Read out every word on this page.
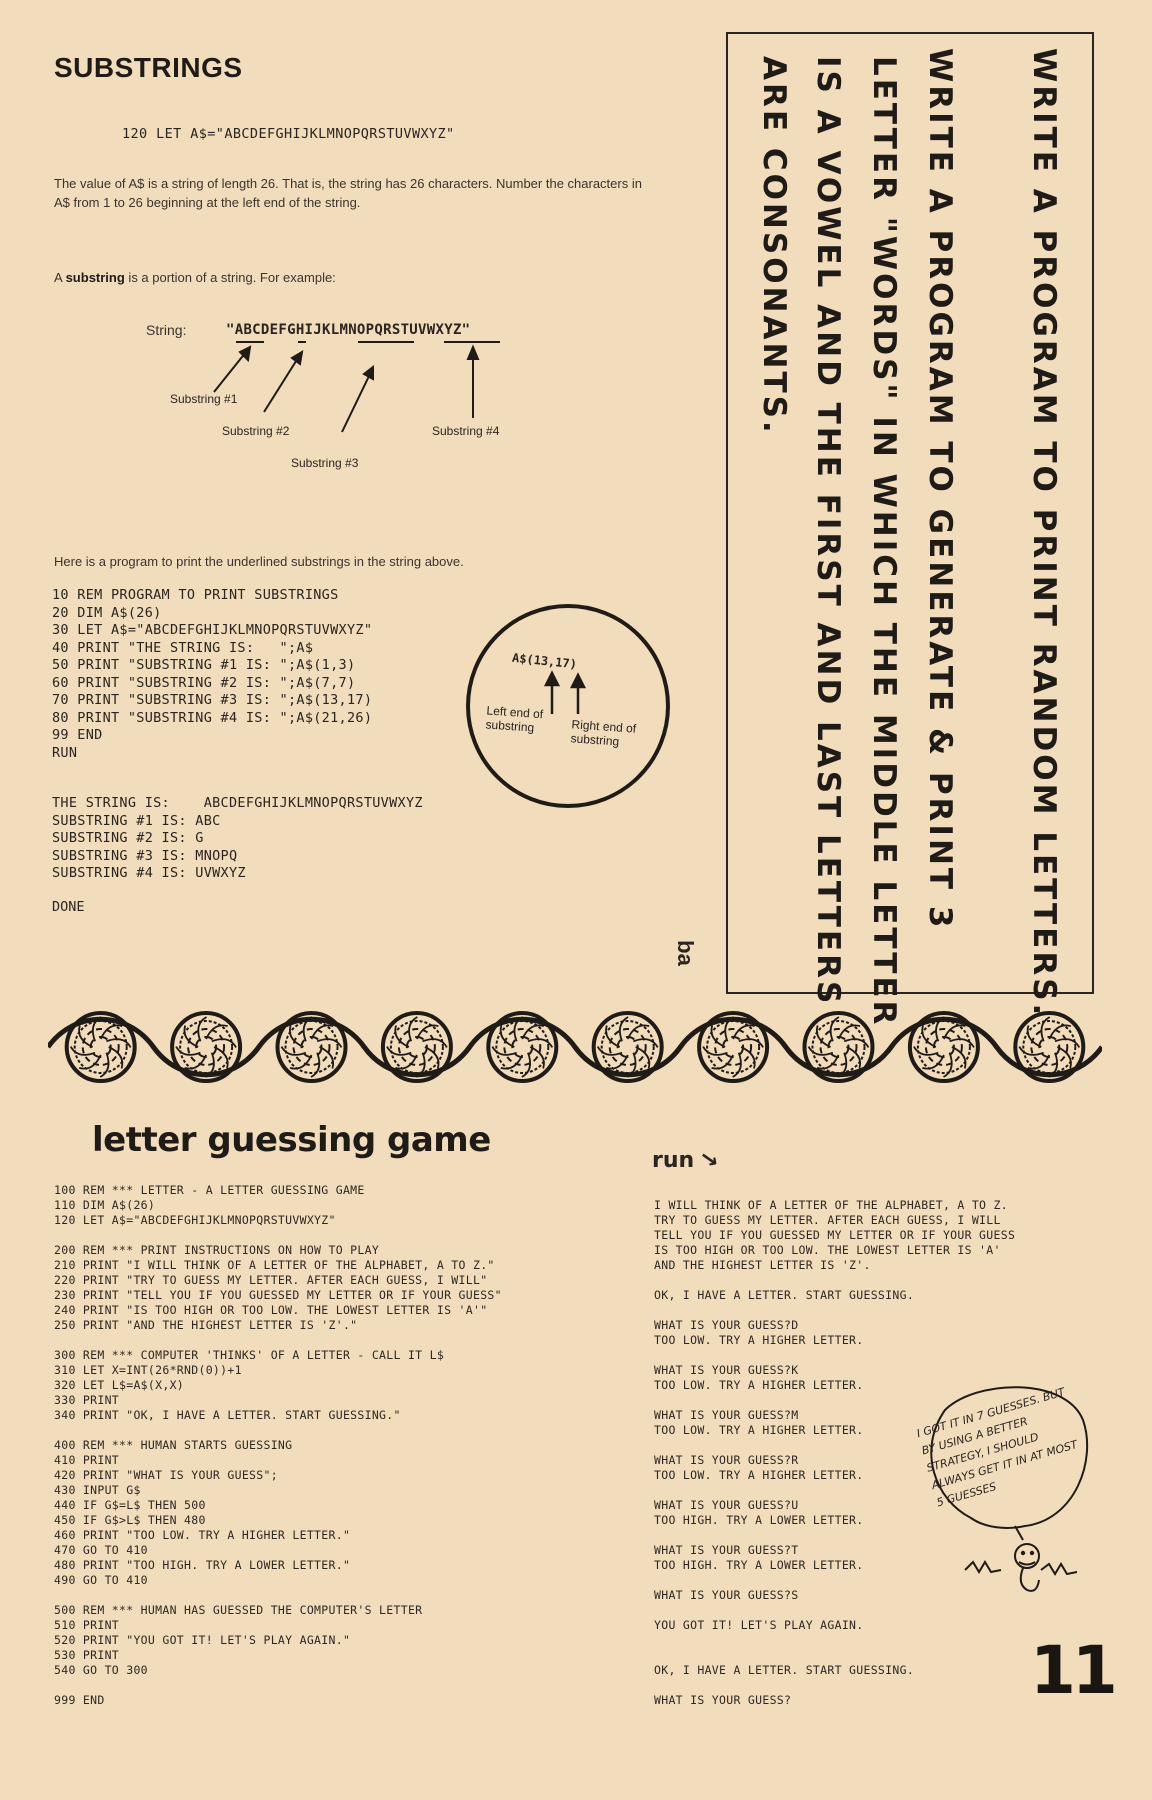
SUBSTRINGS
120 LET A$="ABCDEFGHIJKLMNOPQRSTUVWXYZ"
The value of A$ is a string of length 26. That is, the string has 26 characters. Number the characters in A$ from 1 to 26 beginning at the left end of the string.
A substring is a portion of a string. For example:
String:	"ABCDEFGHIJKLMNOPQRSTUVWXYZ"
Substring #1
Substring #2
Substring #3
Substring #4
Here is a program to print the underlined substrings in the string above.
10 REM PROGRAM TO PRINT SUBSTRINGS
20 DIM A$(26)
30 LET A$="ABCDEFGHIJKLMNOPQRSTUVWXYZ"
40 PRINT "THE STRING IS:   ";A$
50 PRINT "SUBSTRING #1 IS: ";A$(1,3)
60 PRINT "SUBSTRING #2 IS: ";A$(7,7)
70 PRINT "SUBSTRING #3 IS: ";A$(13,17)
80 PRINT "SUBSTRING #4 IS: ";A$(21,26)
99 END
RUN
THE STRING IS:    ABCDEFGHIJKLMNOPQRSTUVWXYZ
SUBSTRING #1 IS: ABC
SUBSTRING #2 IS: G
SUBSTRING #3 IS: MNOPQ
SUBSTRING #4 IS: UVWXYZ
DONE
A$(13,17)
Left end of substring	Right end of substring	WRITE A PROGRAM TO PRINT RANDOM LETTERS.
WRITE A PROGRAM TO GENERATE & PRINT 3
LETTER "WORDS" IN WHICH THE MIDDLE LETTER
IS A VOWEL AND THE FIRST AND LAST LETTERS
ARE CONSONANTS.
ba
letter guessing game
100 REM *** LETTER - A LETTER GUESSING GAME
110 DIM A$(26)
120 LET A$="ABCDEFGHIJKLMNOPQRSTUVWXYZ"

200 REM *** PRINT INSTRUCTIONS ON HOW TO PLAY
210 PRINT "I WILL THINK OF A LETTER OF THE ALPHABET, A TO Z."
220 PRINT "TRY TO GUESS MY LETTER. AFTER EACH GUESS, I WILL"
230 PRINT "TELL YOU IF YOU GUESSED MY LETTER OR IF YOUR GUESS"
240 PRINT "IS TOO HIGH OR TOO LOW. THE LOWEST LETTER IS 'A'"
250 PRINT "AND THE HIGHEST LETTER IS 'Z'."

300 REM *** COMPUTER 'THINKS' OF A LETTER - CALL IT L$
310 LET X=INT(26*RND(0))+1
320 LET L$=A$(X,X)
330 PRINT
340 PRINT "OK, I HAVE A LETTER. START GUESSING."

400 REM *** HUMAN STARTS GUESSING
410 PRINT
420 PRINT "WHAT IS YOUR GUESS";
430 INPUT G$
440 IF G$=L$ THEN 500
450 IF G$>L$ THEN 480
460 PRINT "TOO LOW. TRY A HIGHER LETTER."
470 GO TO 410
480 PRINT "TOO HIGH. TRY A LOWER LETTER."
490 GO TO 410

500 REM *** HUMAN HAS GUESSED THE COMPUTER'S LETTER
510 PRINT
520 PRINT "YOU GOT IT! LET'S PLAY AGAIN."
530 PRINT
540 GO TO 300

999 END
run ↘
I WILL THINK OF A LETTER OF THE ALPHABET, A TO Z.
TRY TO GUESS MY LETTER. AFTER EACH GUESS, I WILL
TELL YOU IF YOU GUESSED MY LETTER OR IF YOUR GUESS
IS TOO HIGH OR TOO LOW. THE LOWEST LETTER IS 'A'
AND THE HIGHEST LETTER IS 'Z'.

OK, I HAVE A LETTER. START GUESSING.

WHAT IS YOUR GUESS?D
TOO LOW. TRY A HIGHER LETTER.

WHAT IS YOUR GUESS?K
TOO LOW. TRY A HIGHER LETTER.

WHAT IS YOUR GUESS?M
TOO LOW. TRY A HIGHER LETTER.

WHAT IS YOUR GUESS?R
TOO LOW. TRY A HIGHER LETTER.

WHAT IS YOUR GUESS?U
TOO HIGH. TRY A LOWER LETTER.

WHAT IS YOUR GUESS?T
TOO HIGH. TRY A LOWER LETTER.

WHAT IS YOUR GUESS?S

YOU GOT IT! LET'S PLAY AGAIN.

OK, I HAVE A LETTER. START GUESSING.

WHAT IS YOUR GUESS?
I GOT IT IN 7 GUESSES. BUT BY USING A BETTER STRATEGY, I SHOULD ALWAYS GET IT IN AT MOST 5 GUESSES
11
